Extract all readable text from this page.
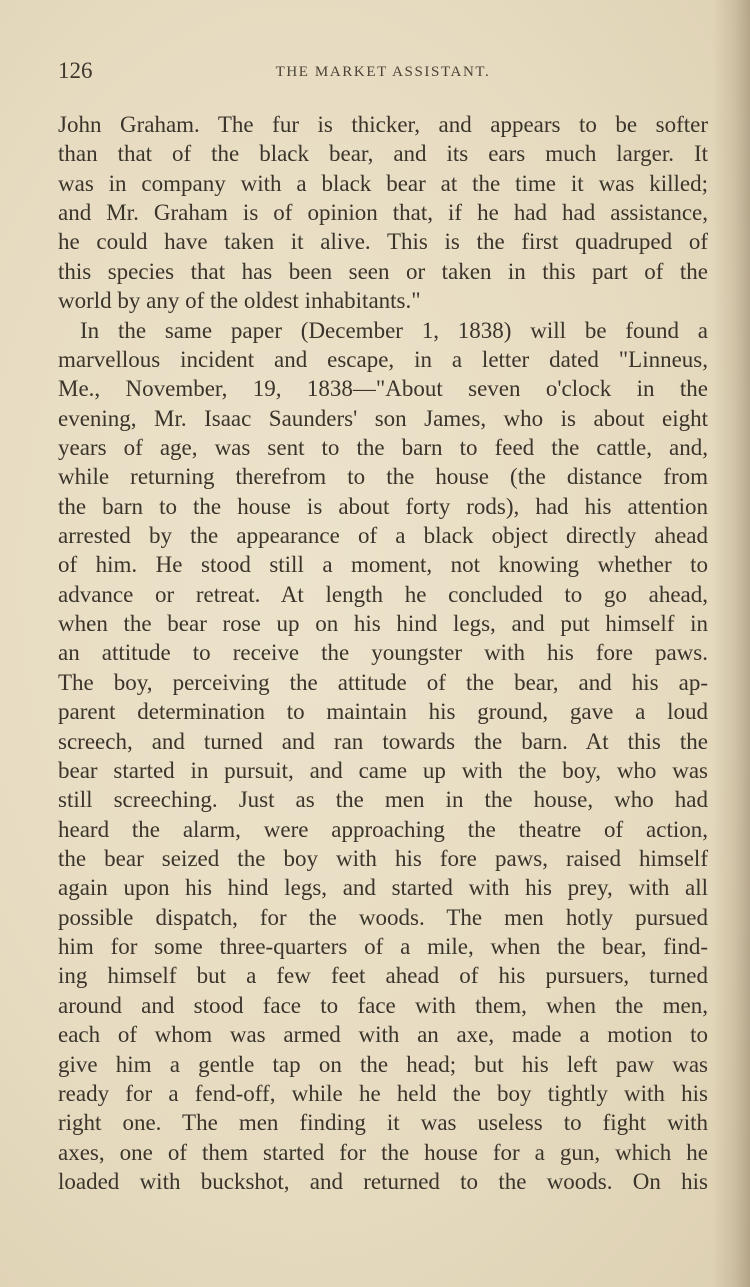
126	THE MARKET ASSISTANT.
John Graham. The fur is thicker, and appears to be softer
than that of the black bear, and its ears much larger. It
was in company with a black bear at the time it was killed;
and Mr. Graham is of opinion that, if he had had assistance,
he could have taken it alive. This is the first quadruped of
this species that has been seen or taken in this part of the
world by any of the oldest inhabitants."
In the same paper (December 1, 1838) will be found a
marvellous incident and escape, in a letter dated "Linneus,
Me., November, 19, 1838—"About seven o'clock in the
evening, Mr. Isaac Saunders' son James, who is about eight
years of age, was sent to the barn to feed the cattle, and,
while returning therefrom to the house (the distance from
the barn to the house is about forty rods), had his attention
arrested by the appearance of a black object directly ahead
of him. He stood still a moment, not knowing whether to
advance or retreat. At length he concluded to go ahead,
when the bear rose up on his hind legs, and put himself in
an attitude to receive the youngster with his fore paws.
The boy, perceiving the attitude of the bear, and his ap-
parent determination to maintain his ground, gave a loud
screech, and turned and ran towards the barn. At this the
bear started in pursuit, and came up with the boy, who was
still screeching. Just as the men in the house, who had
heard the alarm, were approaching the theatre of action,
the bear seized the boy with his fore paws, raised himself
again upon his hind legs, and started with his prey, with all
possible dispatch, for the woods. The men hotly pursued
him for some three-quarters of a mile, when the bear, find-
ing himself but a few feet ahead of his pursuers, turned
around and stood face to face with them, when the men,
each of whom was armed with an axe, made a motion to
give him a gentle tap on the head; but his left paw was
ready for a fend-off, while he held the boy tightly with his
right one. The men finding it was useless to fight with
axes, one of them started for the house for a gun, which he
loaded with buckshot, and returned to the woods. On his
